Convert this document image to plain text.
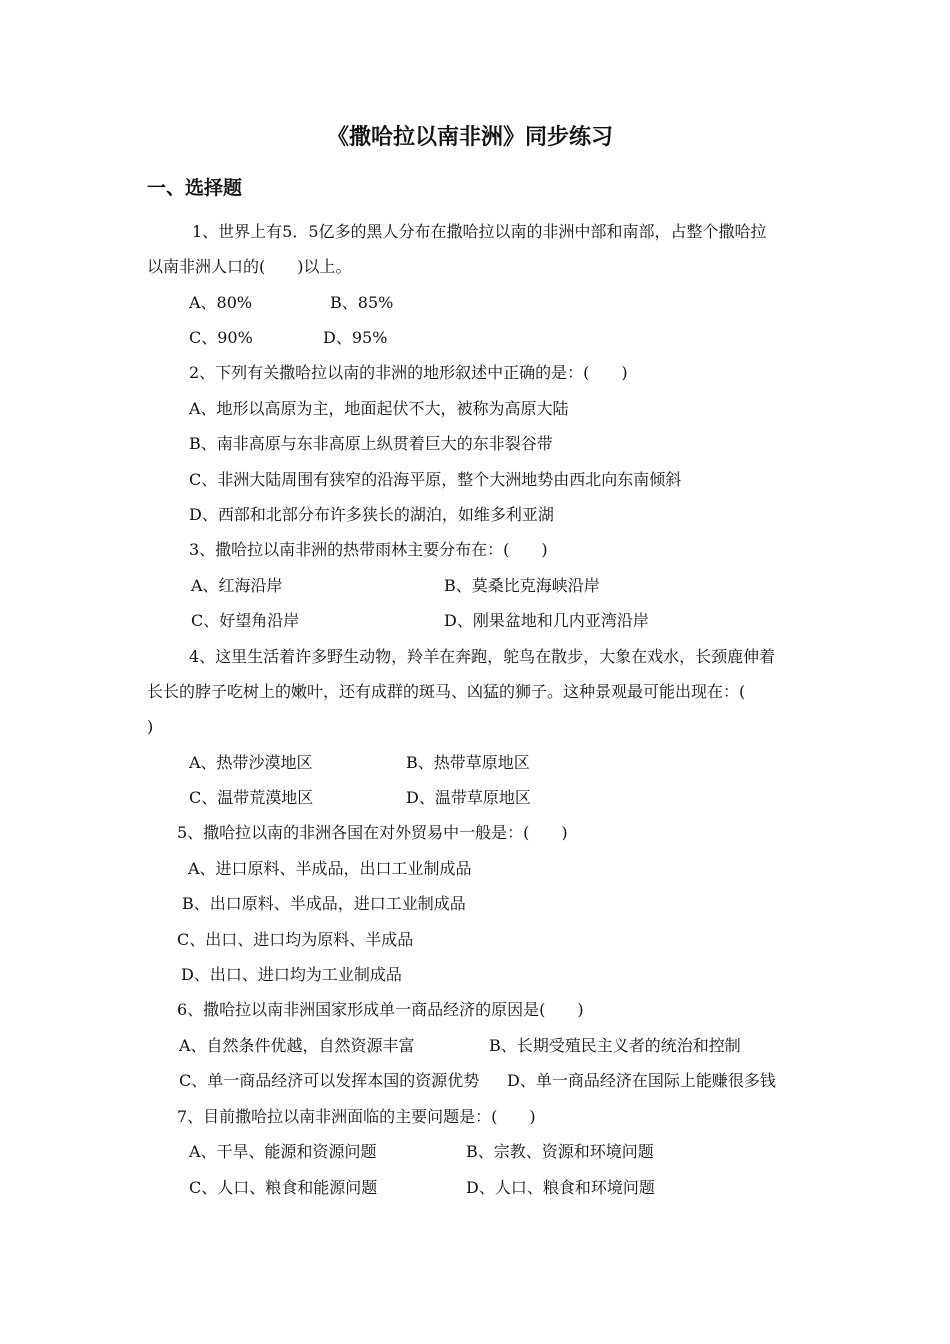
《撒哈拉以南非洲》同步练习
一、选择题
1、世界上有5．5亿多的黑人分布在撒哈拉以南的非洲中部和南部，占整个撒哈拉
以南非洲人口的(　　)以上。
A、80%	B、85%
C、90%	D、95%
2、下列有关撒哈拉以南的非洲的地形叙述中正确的是：(　　)
A、地形以高原为主，地面起伏不大，被称为高原大陆
B、南非高原与东非高原上纵贯着巨大的东非裂谷带
C、非洲大陆周围有狭窄的沿海平原，整个大洲地势由西北向东南倾斜
D、西部和北部分布许多狭长的湖泊，如维多利亚湖
3、撒哈拉以南非洲的热带雨林主要分布在：(　　)
A、红海沿岸	B、莫桑比克海峡沿岸
C、好望角沿岸	D、刚果盆地和几内亚湾沿岸
4、这里生活着许多野生动物，羚羊在奔跑，鸵鸟在散步，大象在戏水，长颈鹿伸着
长长的脖子吃树上的嫩叶，还有成群的斑马、凶猛的狮子。这种景观最可能出现在：(
)
A、热带沙漠地区	B、热带草原地区
C、温带荒漠地区	D、温带草原地区
5、撒哈拉以南的非洲各国在对外贸易中一般是：(　　)
A、进口原料、半成品，出口工业制成品
B、出口原料、半成品，进口工业制成品
C、出口、进口均为原料、半成品
D、出口、进口均为工业制成品
6、撒哈拉以南非洲国家形成单一商品经济的原因是(　　)
A、自然条件优越，自然资源丰富	B、长期受殖民主义者的统治和控制
C、单一商品经济可以发挥本国的资源优势 D、单一商品经济在国际上能赚很多钱
7、目前撒哈拉以南非洲面临的主要问题是：(　　)
A、干旱、能源和资源问题	B、宗教、资源和环境问题
C、人口、粮食和能源问题	D、人口、粮食和环境问题
